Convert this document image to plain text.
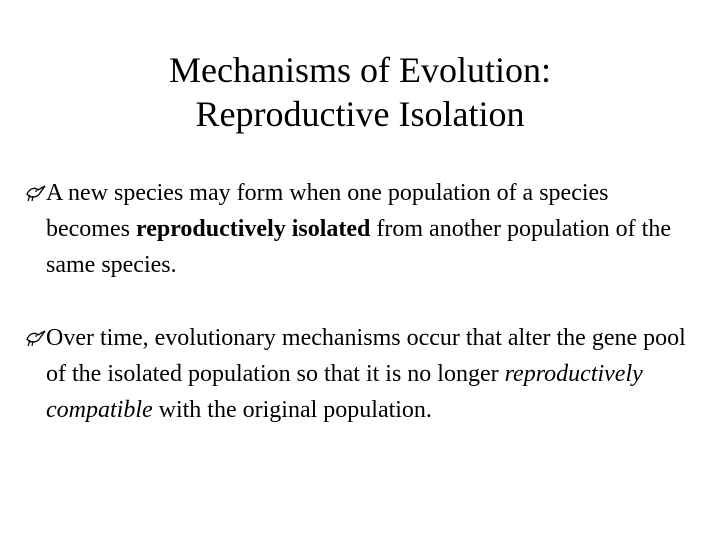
Mechanisms of Evolution:
Reproductive Isolation
A new species may form when one population of a species becomes reproductively isolated from another population of the same species.
Over time, evolutionary mechanisms occur that alter the gene pool of the isolated population so that it is no longer reproductively compatible with the original population.
